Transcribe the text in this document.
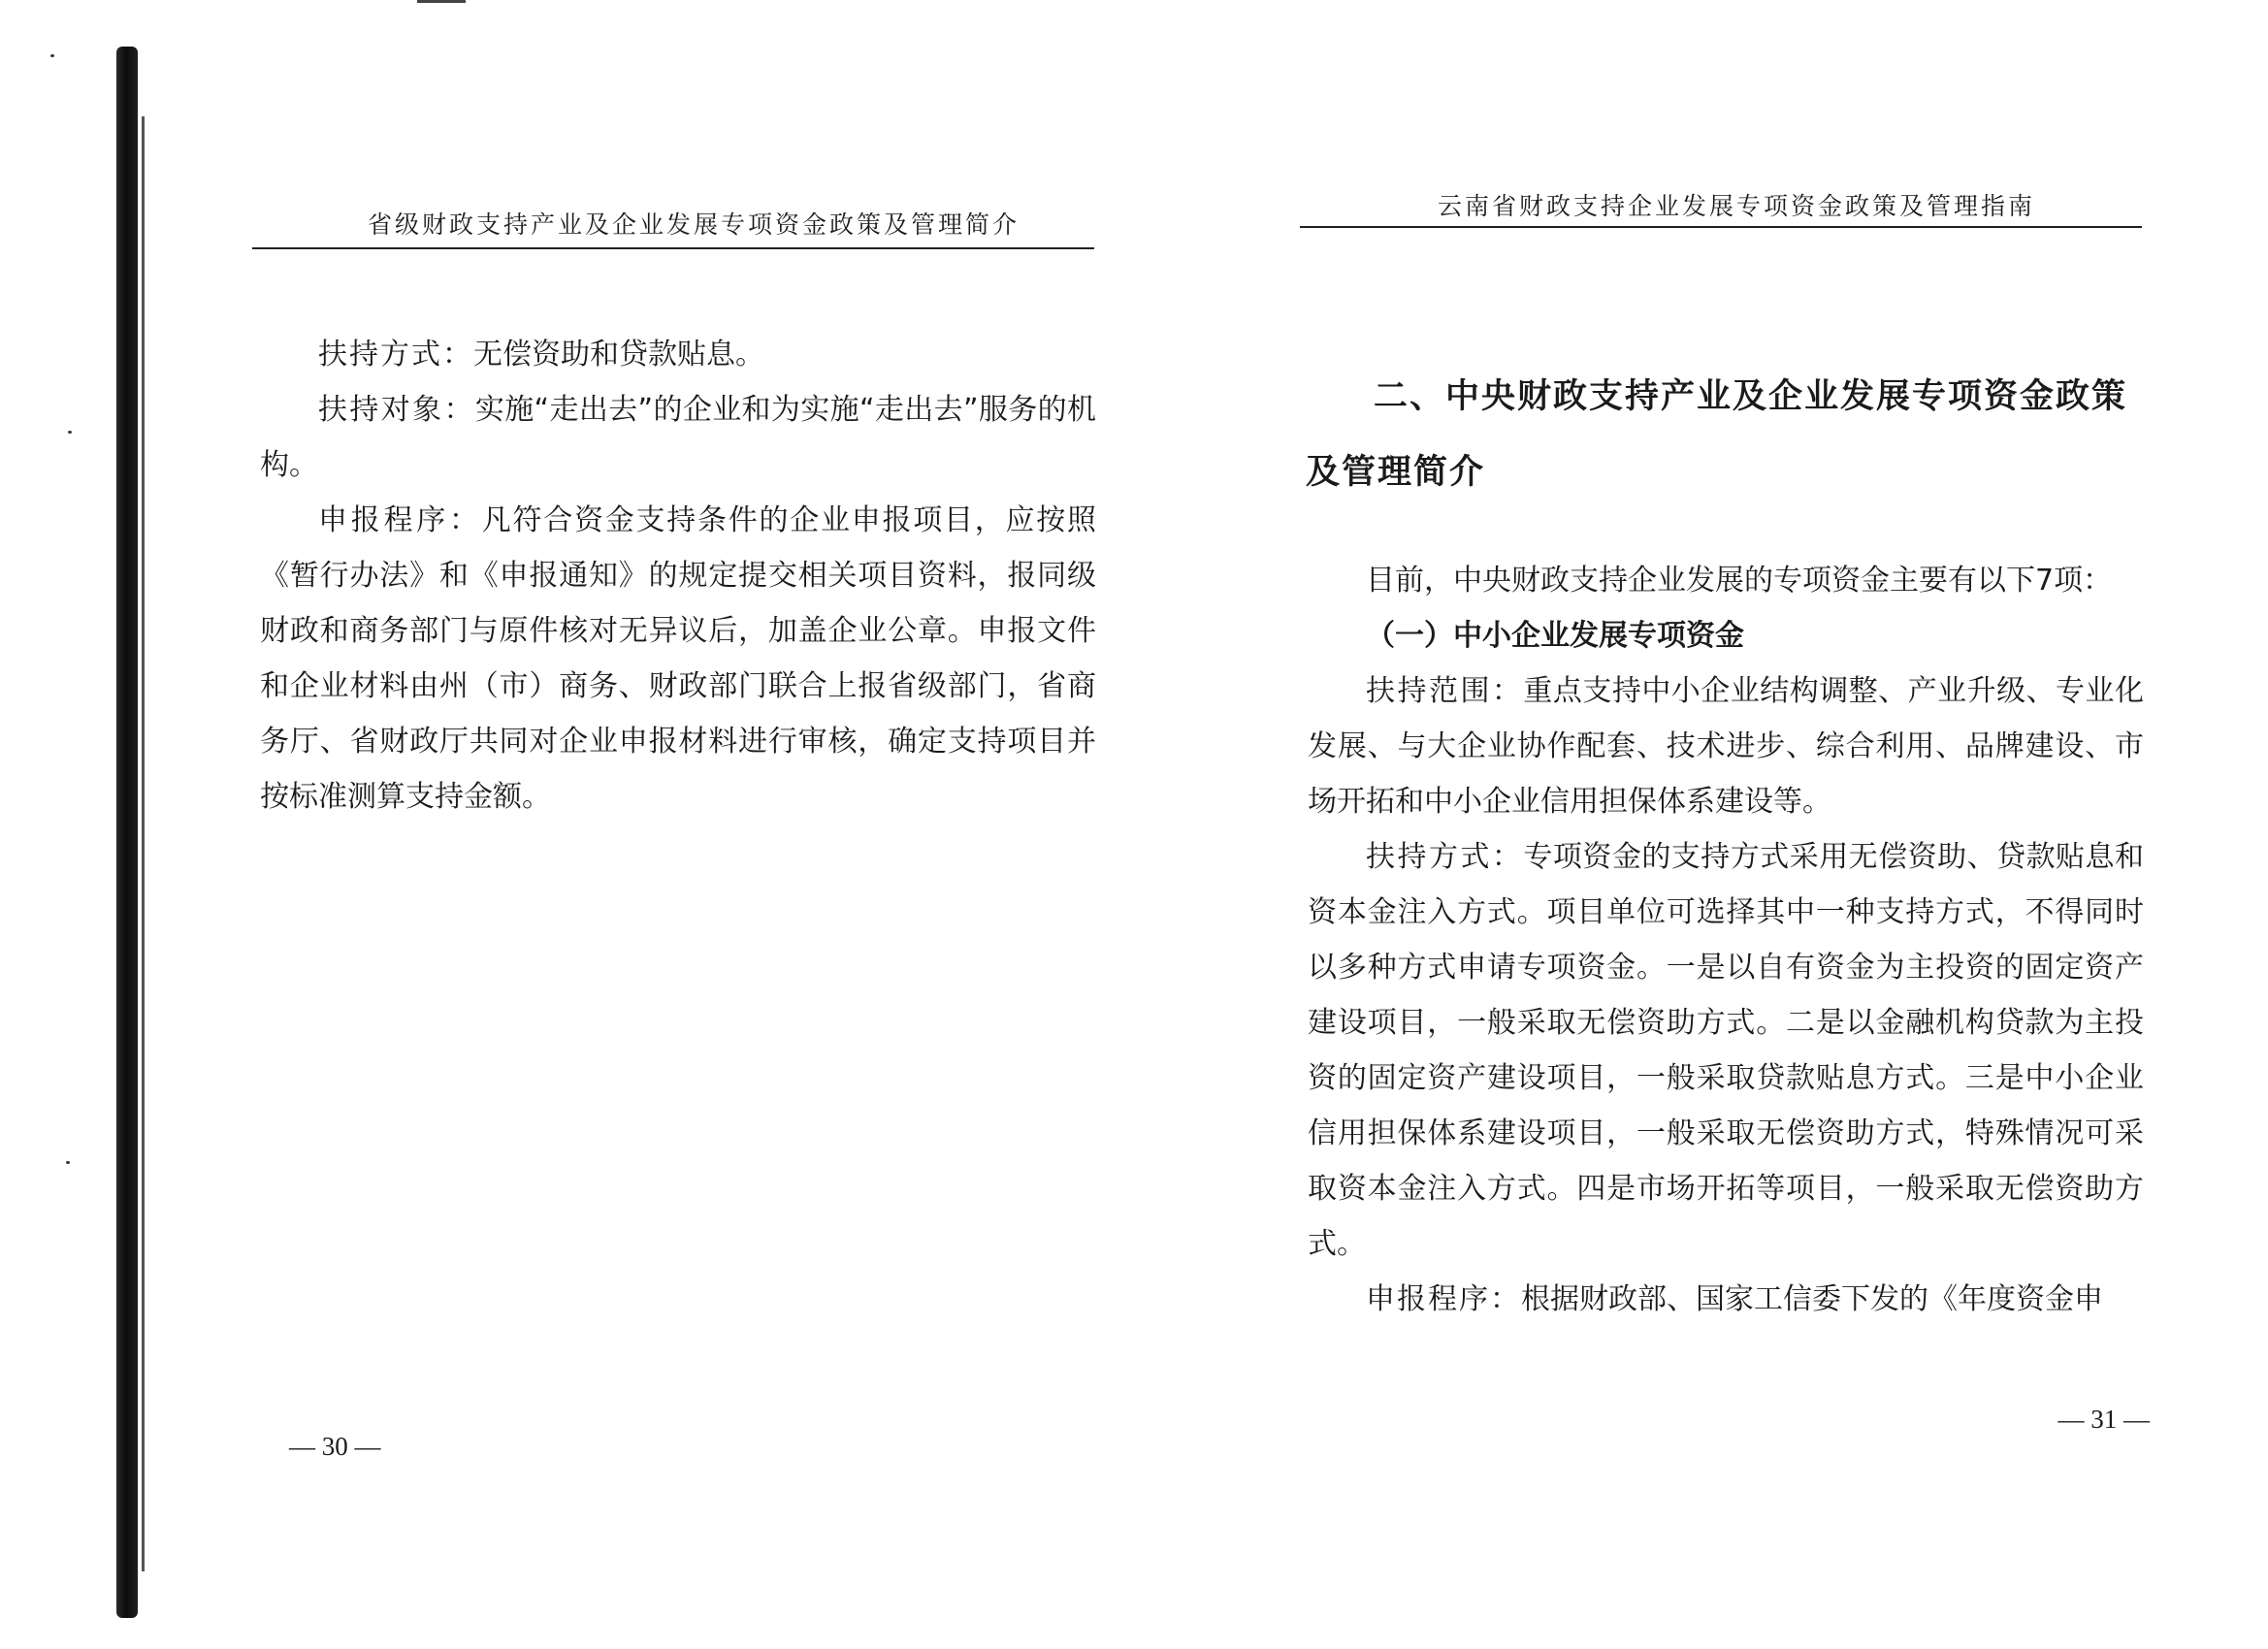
省级财政支持产业及企业发展专项资金政策及管理简介

扶持方式：无偿资助和贷款贴息。

扶持对象：实施“走出去”的企业和为实施“走出去”服务的机构。

申报程序：凡符合资金支持条件的企业申报项目，应按照《暂行办法》和《申报通知》的规定提交相关项目资料，报同级财政和商务部门与原件核对无异议后，加盖企业公章。申报文件和企业材料由州（市）商务、财政部门联合上报省级部门，省商务厅、省财政厅共同对企业申报材料进行审核，确定支持项目并按标准测算支持金额。

— 30 —
云南省财政支持企业发展专项资金政策及管理指南
二、中央财政支持产业及企业发展专项资金政策及管理简介

目前，中央财政支持企业发展的专项资金主要有以下7项：

（一）中小企业发展专项资金

扶持范围：重点支持中小企业结构调整、产业升级、专业化发展、与大企业协作配套、技术进步、综合利用、品牌建设、市场开拓和中小企业信用担保体系建设等。

扶持方式：专项资金的支持方式采用无偿资助、贷款贴息和资本金注入方式。项目单位可选择其中一种支持方式，不得同时以多种方式申请专项资金。一是以自有资金为主投资的固定资产建设项目，一般采取无偿资助方式。二是以金融机构贷款为主投资的固定资产建设项目，一般采取贷款贴息方式。三是中小企业信用担保体系建设项目，一般采取无偿资助方式，特殊情况可采取资本金注入方式。四是市场开拓等项目，一般采取无偿资助方式。

申报程序：根据财政部、国家工信委下发的《年度资金申

— 31 —
